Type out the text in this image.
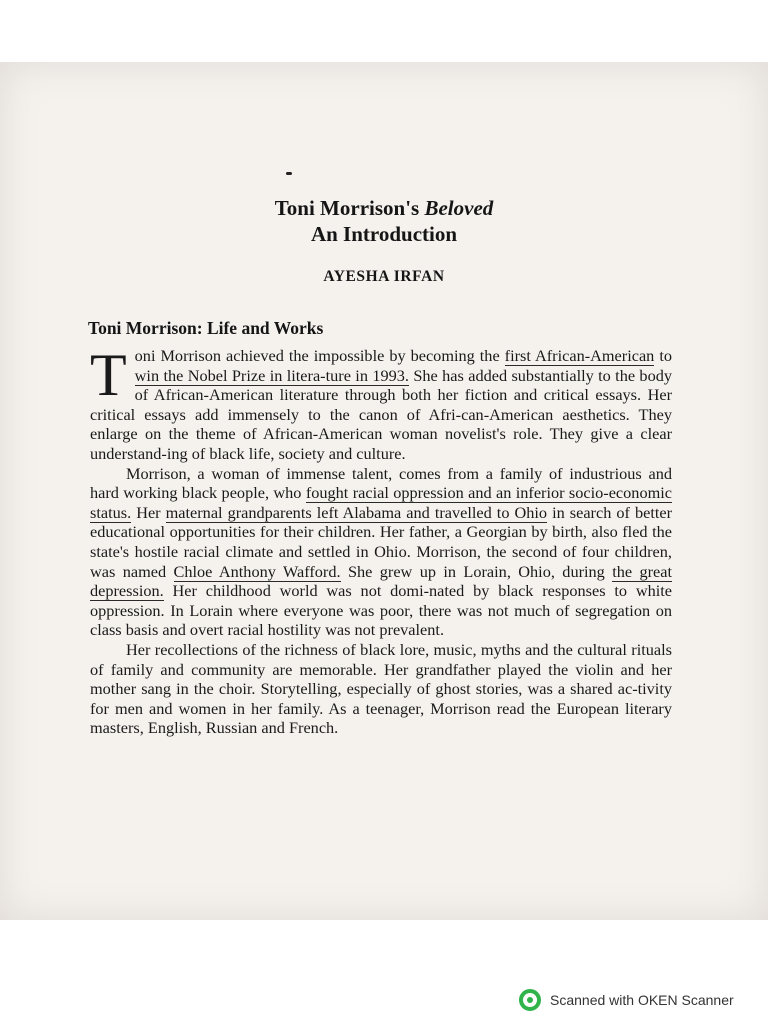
Toni Morrison's Beloved
An Introduction
AYESHA IRFAN
Toni Morrison: Life and Works

Toni Morrison achieved the impossible by becoming the first African-American to win the Nobel Prize in litera-ture in 1993. She has added substantially to the body of African-American literature through both her fiction and critical essays. Her critical essays add immensely to the canon of Afri-can-American aesthetics. They enlarge on the theme of African-American woman novelist's role. They give a clear understand-ing of black life, society and culture.

Morrison, a woman of immense talent, comes from a family of industrious and hard working black people, who fought racial oppression and an inferior socio-economic status. Her maternal grandparents left Alabama and travelled to Ohio in search of better educational opportunities for their children. Her father, a Georgian by birth, also fled the state's hostile racial climate and settled in Ohio. Morrison, the second of four children, was named Chloe Anthony Wafford. She grew up in Lorain, Ohio, during the great depression. Her childhood world was not domi-nated by black responses to white oppression. In Lorain where everyone was poor, there was not much of segregation on class basis and overt racial hostility was not prevalent.

Her recollections of the richness of black lore, music, myths and the cultural rituals of family and community are memorable. Her grandfather played the violin and her mother sang in the choir. Storytelling, especially of ghost stories, was a shared ac-tivity for men and women in her family. As a teenager, Morrison read the European literary masters, English, Russian and French.

Scanned with OKEN Scanner
